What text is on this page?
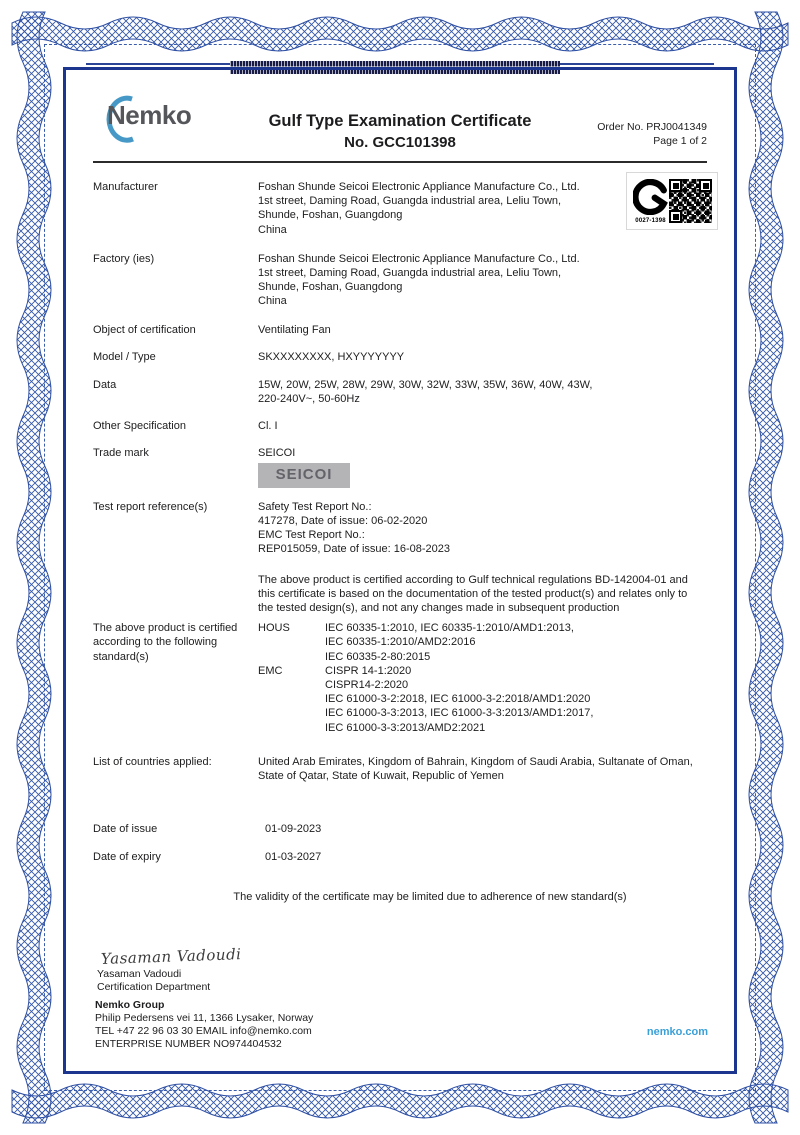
Nemko	Gulf Type Examination Certificate
No. GCC101398
Order No. PRJ0041349
Page 1 of 2
Manufacturer	Foshan Shunde Seicoi Electronic Appliance Manufacture Co., Ltd.
1st street, Daming Road, Guangda industrial area, Leliu Town,
Shunde, Foshan, Guangdong
China
Factory (ies)	Foshan Shunde Seicoi Electronic Appliance Manufacture Co., Ltd.
1st street, Daming Road, Guangda industrial area, Leliu Town,
Shunde, Foshan, Guangdong
China
Object of certification	Ventilating Fan
Model / Type	SKXXXXXXXX, HXYYYYYYY
Data	15W, 20W, 25W, 28W, 29W, 30W, 32W, 33W, 35W, 36W, 40W, 43W,
220-240V~, 50-60Hz
Other Specification	Cl. I
Trade mark	SEICOI
SEICOI
Test report reference(s)	Safety Test Report No.:
417278, Date of issue: 06-02-2020
EMC Test Report No.:
REP015059, Date of issue: 16-08-2023
The above product is certified according to Gulf technical regulations BD-142004-01 and
this certificate is based on the documentation of the tested product(s) and relates only to
the tested design(s), and not any changes made in subsequent production
The above product is certified
according to the following
standard(s)
HOUS	IEC 60335-1:2010, IEC 60335-1:2010/AMD1:2013,
IEC 60335-1:2010/AMD2:2016
IEC 60335-2-80:2015
EMC	CISPR 14-1:2020
CISPR14-2:2020
IEC 61000-3-2:2018, IEC 61000-3-2:2018/AMD1:2020
IEC 61000-3-3:2013, IEC 61000-3-3:2013/AMD1:2017,
IEC 61000-3-3:2013/AMD2:2021
List of countries applied:	United Arab Emirates, Kingdom of Bahrain, Kingdom of Saudi Arabia, Sultanate of Oman,
State of Qatar, State of Kuwait, Republic of Yemen
Date of issue	01-09-2023
Date of expiry	01-03-2027
The validity of the certificate may be limited due to adherence of new standard(s)
Yasaman Vadoudi
Yasaman Vadoudi
Certification Department
Nemko Group
Philip Pedersens vei 11, 1366 Lysaker, Norway
TEL +47 22 96 03 30 EMAIL info@nemko.com
ENTERPRISE NUMBER NO974404532
0027-1398
nemko.com
